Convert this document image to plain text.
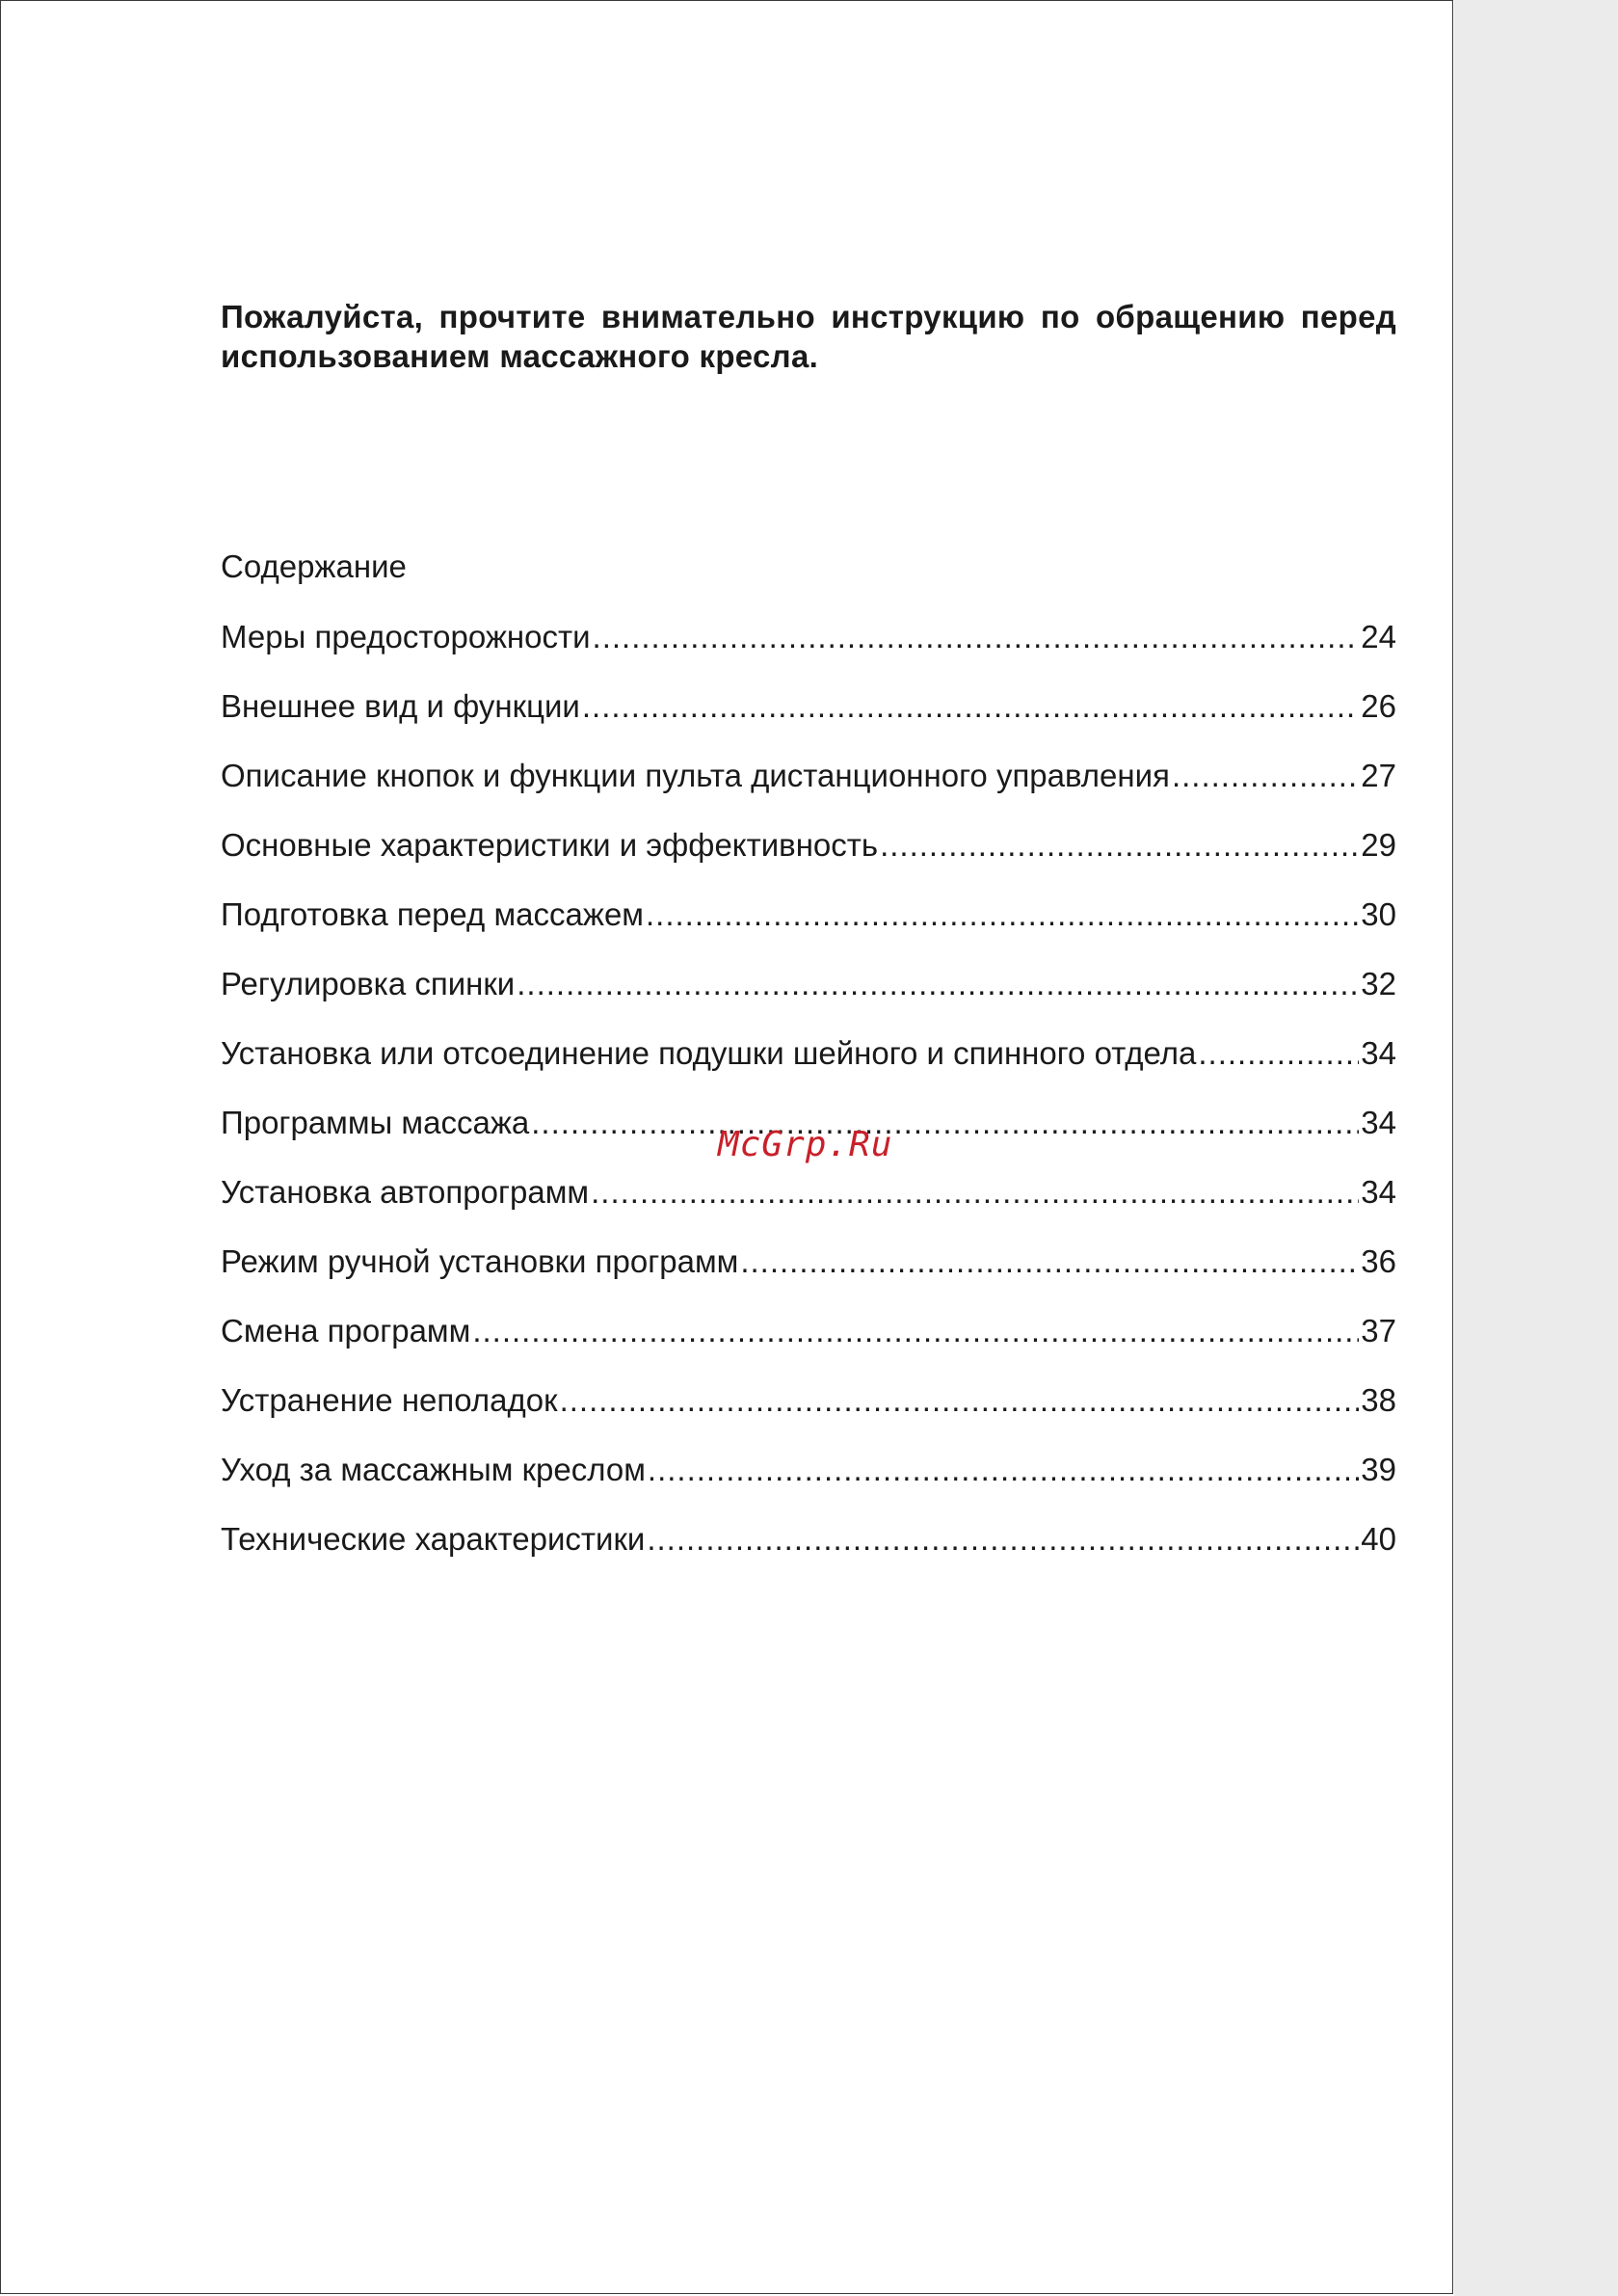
Пожалуйста, прочтите внимательно инструкцию по обращению перед использованием массажного кресла.

Содержание
Меры предосторожности .....	24
Внешнее вид и функции .....	26
Описание кнопок и функции пульта дистанционного управления .....	27
Основные характеристики и эффективность .....	29
Подготовка перед массажем .....	30
Регулировка спинки .....	32
Установка или отсоединение подушки шейного и спинного отдела .....	34
Программы массажа .....	34
Установка автопрограмм .....	34
Режим ручной установки программ .....	36
Смена программ .....	37
Устранение неполадок .....	38
Уход за массажным креслом .....	39
Технические характеристики .....	40
McGrp.Ru
